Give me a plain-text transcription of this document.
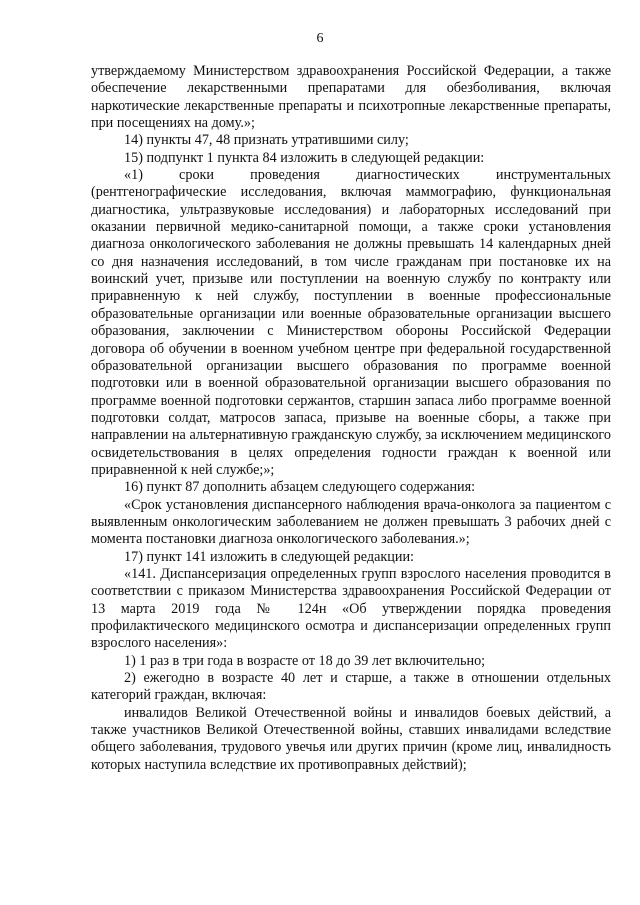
6

утверждаемому Министерством здравоохранения Российской Федерации, а также обеспечение лекарственными препаратами для обезболивания, включая наркотические лекарственные препараты и психотропные лекарственные препараты, при посещениях на дому.»;

14) пункты 47, 48 признать утратившими силу;

15) подпункт 1 пункта 84 изложить в следующей редакции:

«1) сроки проведения диагностических инструментальных (рентгенографические исследования, включая маммографию, функциональная диагностика, ультразвуковые исследования) и лабораторных исследований при оказании первичной медико-санитарной помощи, а также сроки установления диагноза онкологического заболевания не должны превышать 14 календарных дней со дня назначения исследований, в том числе гражданам при постановке их на воинский учет, призыве или поступлении на военную службу по контракту или приравненную к ней службу, поступлении в военные профессиональные образовательные организации или военные образовательные организации высшего образования, заключении с Министерством обороны Российской Федерации договора об обучении в военном учебном центре при федеральной государственной образовательной организации высшего образования по программе военной подготовки или в военной образовательной организации высшего образования по программе военной подготовки сержантов, старшин запаса либо программе военной подготовки солдат, матросов запаса, призыве на военные сборы, а также при направлении на альтернативную гражданскую службу, за исключением медицинского освидетельствования в целях определения годности граждан к военной или приравненной к ней службе;»;

16) пункт 87 дополнить абзацем следующего содержания:

«Срок установления диспансерного наблюдения врача-онколога за пациентом с выявленным онкологическим заболеванием не должен превышать 3 рабочих дней с момента постановки диагноза онкологического заболевания.»;

17) пункт 141 изложить в следующей редакции:

«141. Диспансеризация определенных групп взрослого населения проводится в соответствии с приказом Министерства здравоохранения Российской Федерации от 13 марта 2019 года № 124н «Об утверждении порядка проведения профилактического медицинского осмотра и диспансеризации определенных групп взрослого населения»:

1) 1 раз в три года в возрасте от 18 до 39 лет включительно;

2) ежегодно в возрасте 40 лет и старше, а также в отношении отдельных категорий граждан, включая:

инвалидов Великой Отечественной войны и инвалидов боевых действий, а также участников Великой Отечественной войны, ставших инвалидами вследствие общего заболевания, трудового увечья или других причин (кроме лиц, инвалидность которых наступила вследствие их противоправных действий);
